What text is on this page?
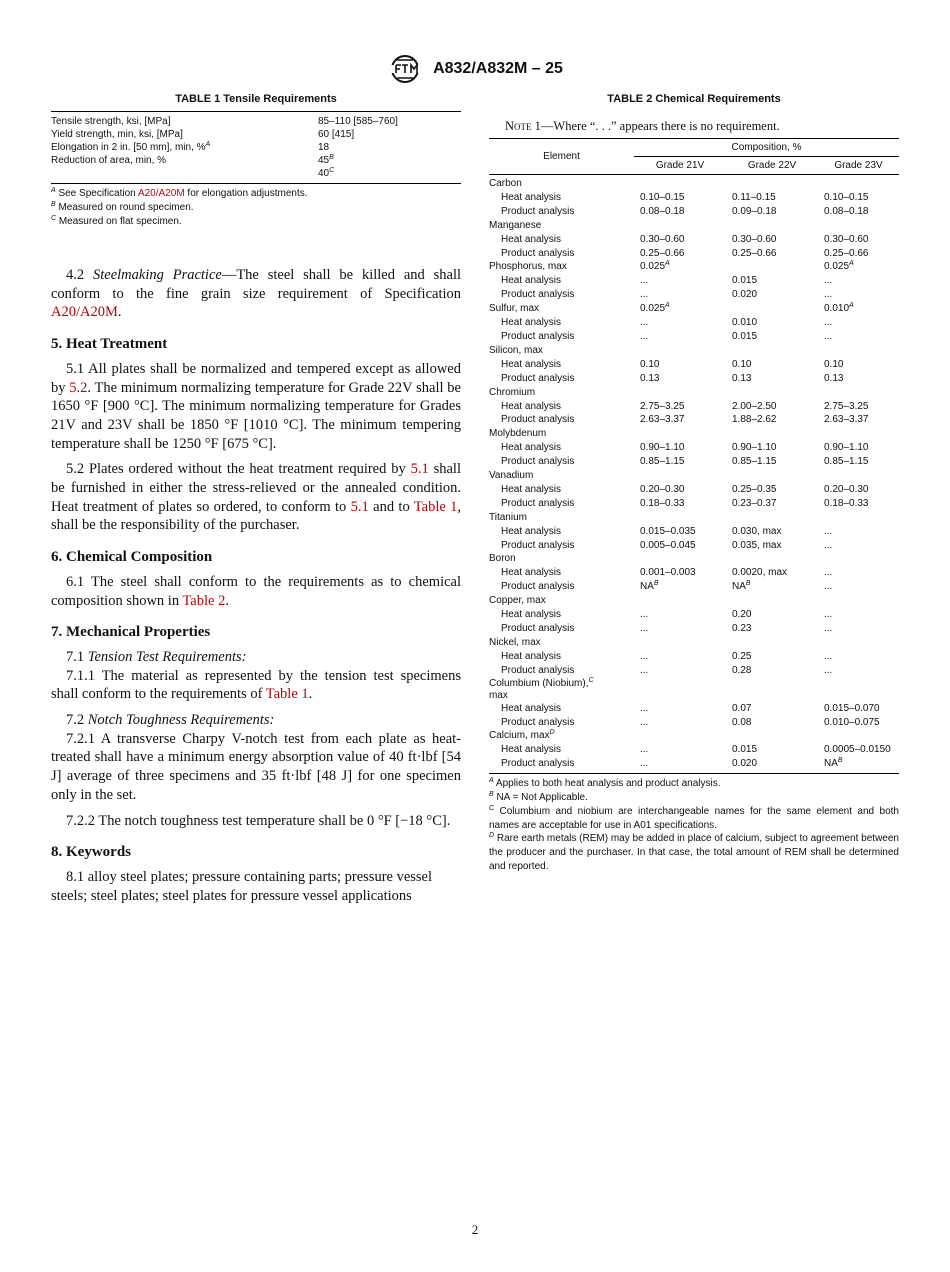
A832/A832M – 25
TABLE 1 Tensile Requirements
Tensile strength, ksi, [MPa]	85–110 [585–760]
Yield strength, min, ksi, [MPa]	60 [415]
Elongation in 2 in. [50 mm], min, %$^A$	18
Reduction of area, min, %	$45^B$
$40^C$
$^A$ See Specification A20/A20M for elongation adjustments.
$^B$ Measured on round specimen.
$^C$ Measured on flat specimen.

4.2 Steelmaking Practice—The steel shall be killed and shall conform to the fine grain size requirement of Specification A20/A20M.

5. Heat Treatment

5.1 All plates shall be normalized and tempered except as allowed by 5.2. The minimum normalizing temperature for Grade 22V shall be 1650 °F [900 °C]. The minimum normalizing temperature for Grades 21V and 23V shall be 1850 °F [1010 °C]. The minimum tempering temperature shall be 1250 °F [675 °C].

5.2 Plates ordered without the heat treatment required by 5.1 shall be furnished in either the stress-relieved or the annealed condition. Heat treatment of plates so ordered, to conform to 5.1 and to Table 1, shall be the responsibility of the purchaser.

6. Chemical Composition

6.1 The steel shall conform to the requirements as to chemical composition shown in Table 2.

7. Mechanical Properties

7.1 Tension Test Requirements:

7.1.1 The material as represented by the tension test specimens shall conform to the requirements of Table 1.

7.2 Notch Toughness Requirements:

7.2.1 A transverse Charpy V-notch test from each plate as heat-treated shall have a minimum energy absorption value of 40 ft·lbf [54 J] average of three specimens and 35 ft·lbf [48 J] for one specimen only in the set.

7.2.2 The notch toughness test temperature shall be 0 °F [−18 °C].

8. Keywords

8.1 alloy steel plates; pressure containing parts; pressure vessel steels; steel plates; steel plates for pressure vessel applications

TABLE 2 Chemical Requirements
Note 1—Where “. . .” appears there is no requirement.
Element	Composition, %		
	Grade 21V	Grade 22V	Grade 23V
Carbon			
Heat analysis	0.10–0.15	0.11–0.15	0.10–0.15
Product analysis	0.08–0.18	0.09–0.18	0.08–0.18
Manganese			
Heat analysis	0.30–0.60	0.30–0.60	0.30–0.60
Product analysis	0.25–0.66	0.25–0.66	0.25–0.66
Phosphorus, max	$0.025^A$		$0.025^A$
Heat analysis	...	0.015	...
Product analysis	...	0.020	...
Sulfur, max	$0.025^A$		$0.010^A$
Heat analysis	...	0.010	...
Product analysis	...	0.015	...
Silicon, max			
Heat analysis	0.10	0.10	0.10
Product analysis	0.13	0.13	0.13
Chromium			
Heat analysis	2.75–3.25	2.00–2.50	2.75–3.25
Product analysis	2.63–3.37	1.88–2.62	2.63–3.37
Molybdenum			
Heat analysis	0.90–1.10	0.90–1.10	0.90–1.10
Product analysis	0.85–1.15	0.85–1.15	0.85–1.15
Vanadium			
Heat analysis	0.20–0.30	0.25–0.35	0.20–0.30
Product analysis	0.18–0.33	0.23–0.37	0.18–0.33
Titanium			
Heat analysis	0.015–0.035	0.030, max	...
Product analysis	0.005–0.045	0.035, max	...
Boron			
Heat analysis	0.001–0.003	0.0020, max	...
Product analysis	$NA^B$	$NA^B$	...
Copper, max			
Heat analysis	...	0.20	...
Product analysis	...	0.23	...
Nickel, max			
Heat analysis	...	0.25	...
Product analysis	...	0.28	...
Columbium (Niobium),$^C$
max			
Heat analysis	...	0.07	0.015–0.070
Product analysis	...	0.08	0.010–0.075
Calcium, $\max^D$			
Heat analysis	...	0.015	0.0005–0.0150
Product analysis	...	0.020	$NA^B$
$^A$ Applies to both heat analysis and product analysis.
$^B$ NA = Not Applicable.
$^C$ Columbium and niobium are interchangeable names for the same element and both names are acceptable for use in A01 specifications.
$^D$ Rare earth metals (REM) may be added in place of calcium, subject to agreement between the producer and the purchaser. In that case, the total amount of REM shall be determined and reported.
2
